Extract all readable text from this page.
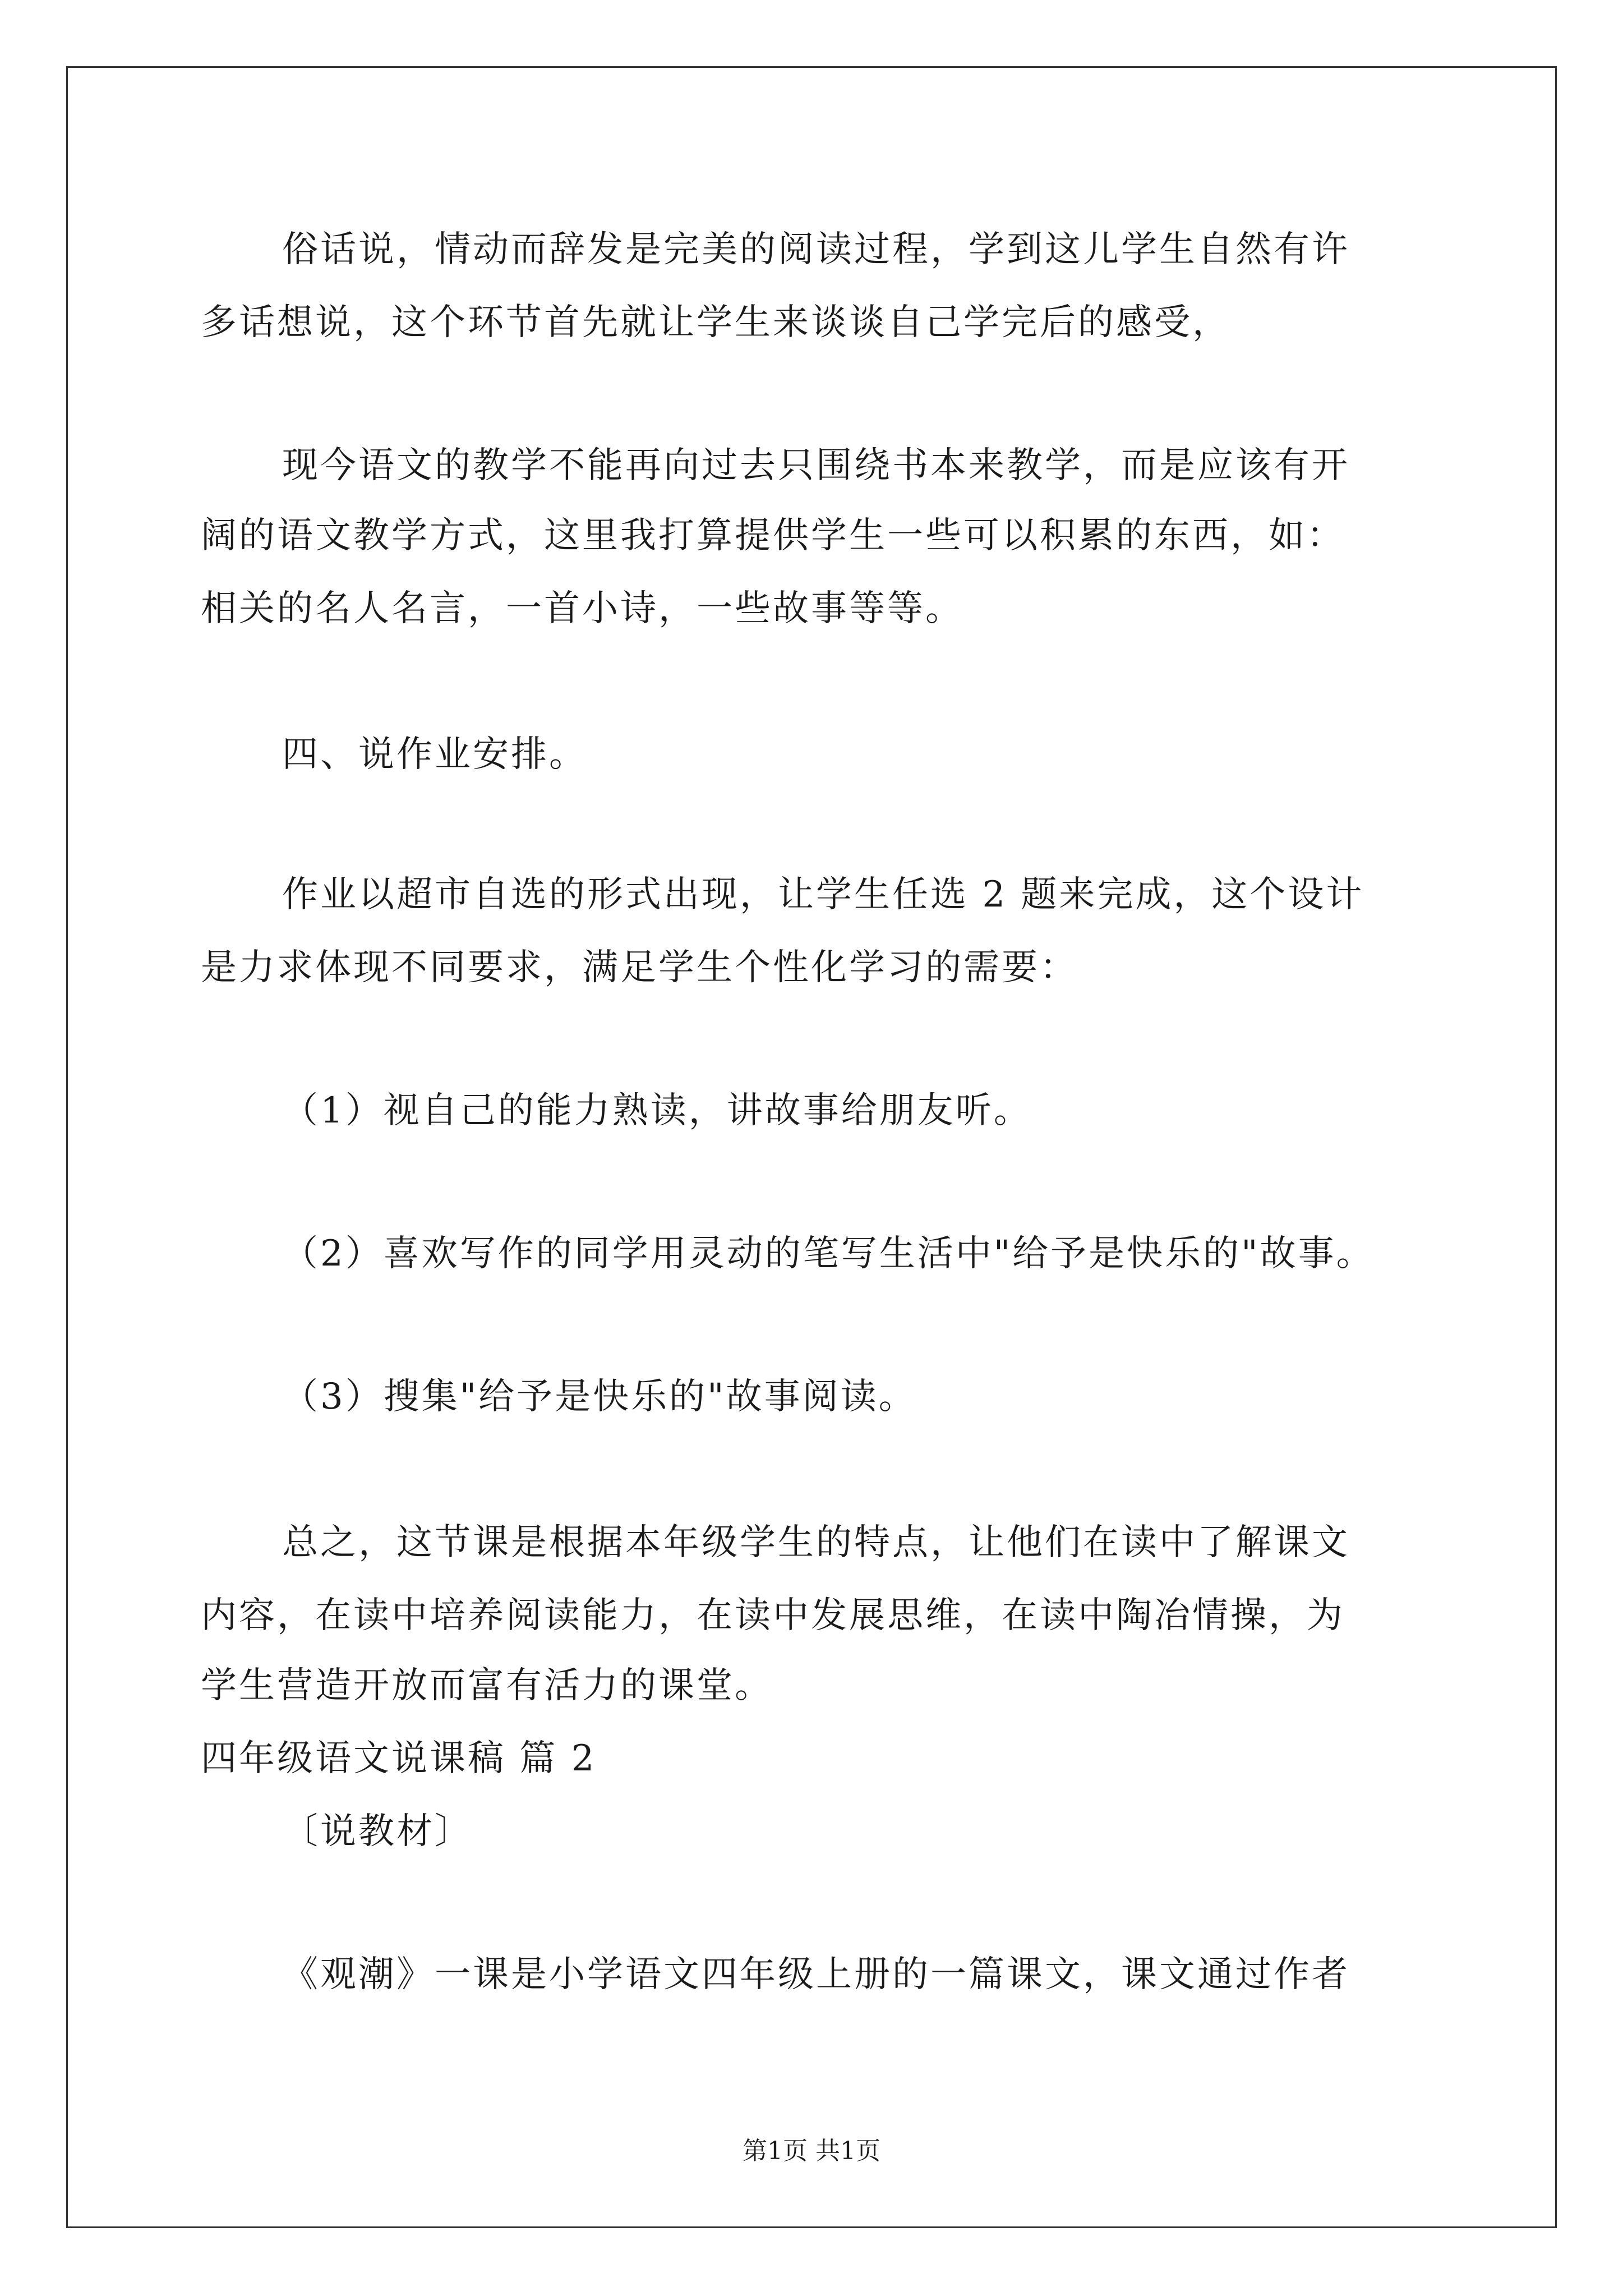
俗话说，情动而辞发是完美的阅读过程，学到这儿学生自然有许
多话想说，这个环节首先就让学生来谈谈自己学完后的感受，
现今语文的教学不能再向过去只围绕书本来教学，而是应该有开
阔的语文教学方式，这里我打算提供学生一些可以积累的东西，如：
相关的名人名言，一首小诗，一些故事等等。
四、说作业安排。
作业以超市自选的形式出现，让学生任选 2 题来完成，这个设计
是力求体现不同要求，满足学生个性化学习的需要：
（1）视自己的能力熟读，讲故事给朋友听。
（2）喜欢写作的同学用灵动的笔写生活中"给予是快乐的"故事。
（3）搜集"给予是快乐的"故事阅读。
总之，这节课是根据本年级学生的特点，让他们在读中了解课文
内容，在读中培养阅读能力，在读中发展思维，在读中陶冶情操，为
学生营造开放而富有活力的课堂。
四年级语文说课稿 篇 2
〔说教材〕
《观潮》一课是小学语文四年级上册的一篇课文，课文通过作者
第1页 共1页
